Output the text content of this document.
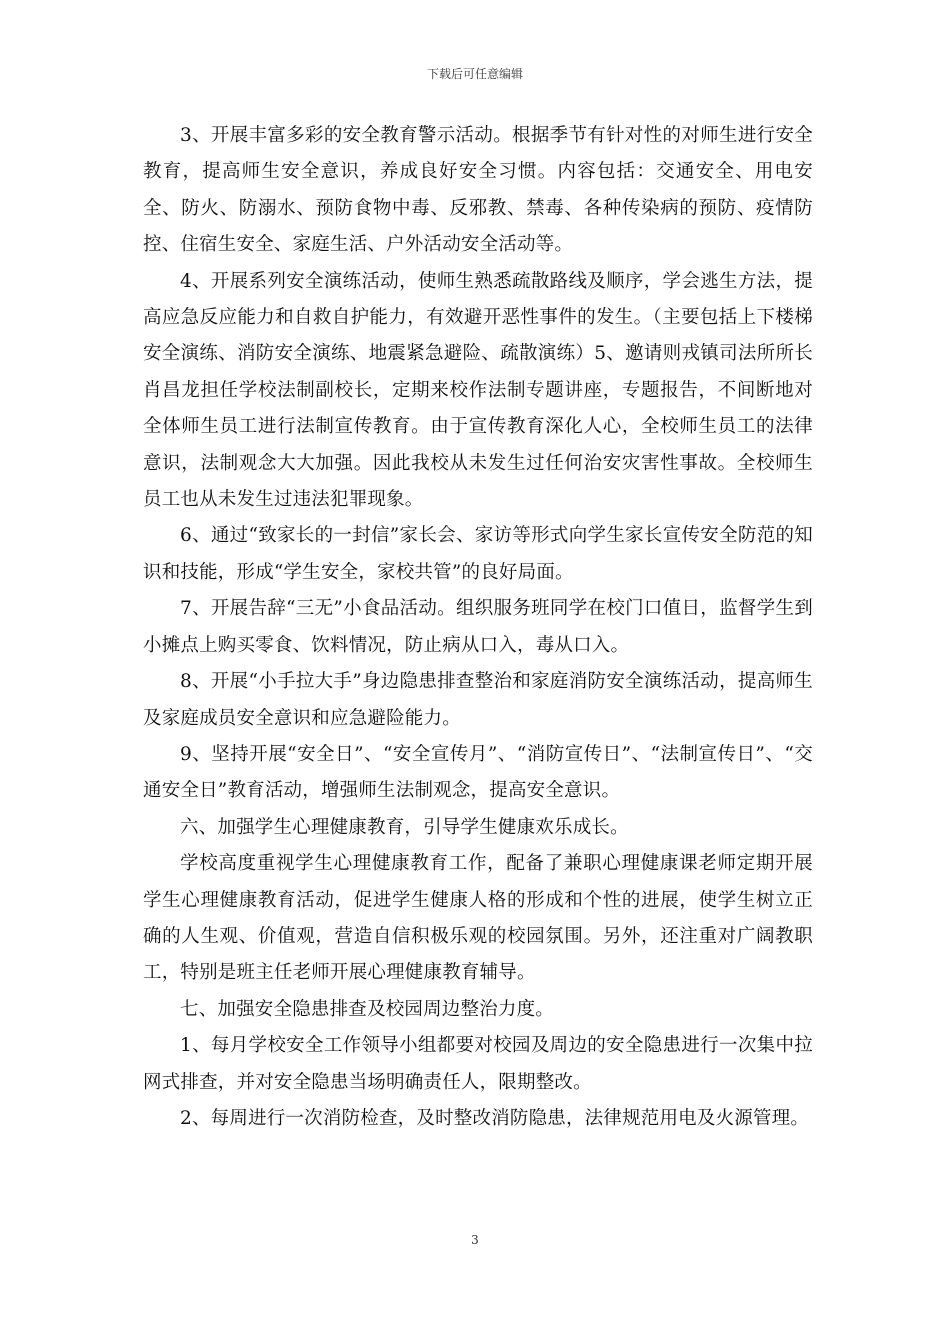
下载后可任意编辑

3、开展丰富多彩的安全教育警示活动。根据季节有针对性的对师生进行安全教育，提高师生安全意识，养成良好安全习惯。内容包括：交通安全、用电安全、防火、防溺水、预防食物中毒、反邪教、禁毒、各种传染病的预防、疫情防控、住宿生安全、家庭生活、户外活动安全活动等。

4、开展系列安全演练活动，使师生熟悉疏散路线及顺序，学会逃生方法，提高应急反应能力和自救自护能力，有效避开恶性事件的发生。（主要包括上下楼梯安全演练、消防安全演练、地震紧急避险、疏散演练）5、邀请则戎镇司法所所长肖昌龙担任学校法制副校长，定期来校作法制专题讲座，专题报告，不间断地对全体师生员工进行法制宣传教育。由于宣传教育深化人心，全校师生员工的法律意识，法制观念大大加强。因此我校从未发生过任何治安灾害性事故。全校师生员工也从未发生过违法犯罪现象。

6、通过“致家长的一封信”家长会、家访等形式向学生家长宣传安全防范的知识和技能，形成“学生安全，家校共管”的良好局面。

7、开展告辞“三无”小食品活动。组织服务班同学在校门口值日，监督学生到小摊点上购买零食、饮料情况，防止病从口入，毒从口入。

8、开展“小手拉大手”身边隐患排查整治和家庭消防安全演练活动，提高师生及家庭成员安全意识和应急避险能力。

9、坚持开展“安全日”、“安全宣传月”、“消防宣传日”、“法制宣传日”、“交通安全日”教育活动，增强师生法制观念，提高安全意识。

六、加强学生心理健康教育，引导学生健康欢乐成长。

学校高度重视学生心理健康教育工作，配备了兼职心理健康课老师定期开展学生心理健康教育活动，促进学生健康人格的形成和个性的进展，使学生树立正确的人生观、价值观，营造自信积极乐观的校园氛围。另外，还注重对广阔教职工，特别是班主任老师开展心理健康教育辅导。

七、加强安全隐患排查及校园周边整治力度。

1、每月学校安全工作领导小组都要对校园及周边的安全隐患进行一次集中拉网式排查，并对安全隐患当场明确责任人，限期整改。

2、每周进行一次消防检查，及时整改消防隐患，法律规范用电及火源管理。

3
